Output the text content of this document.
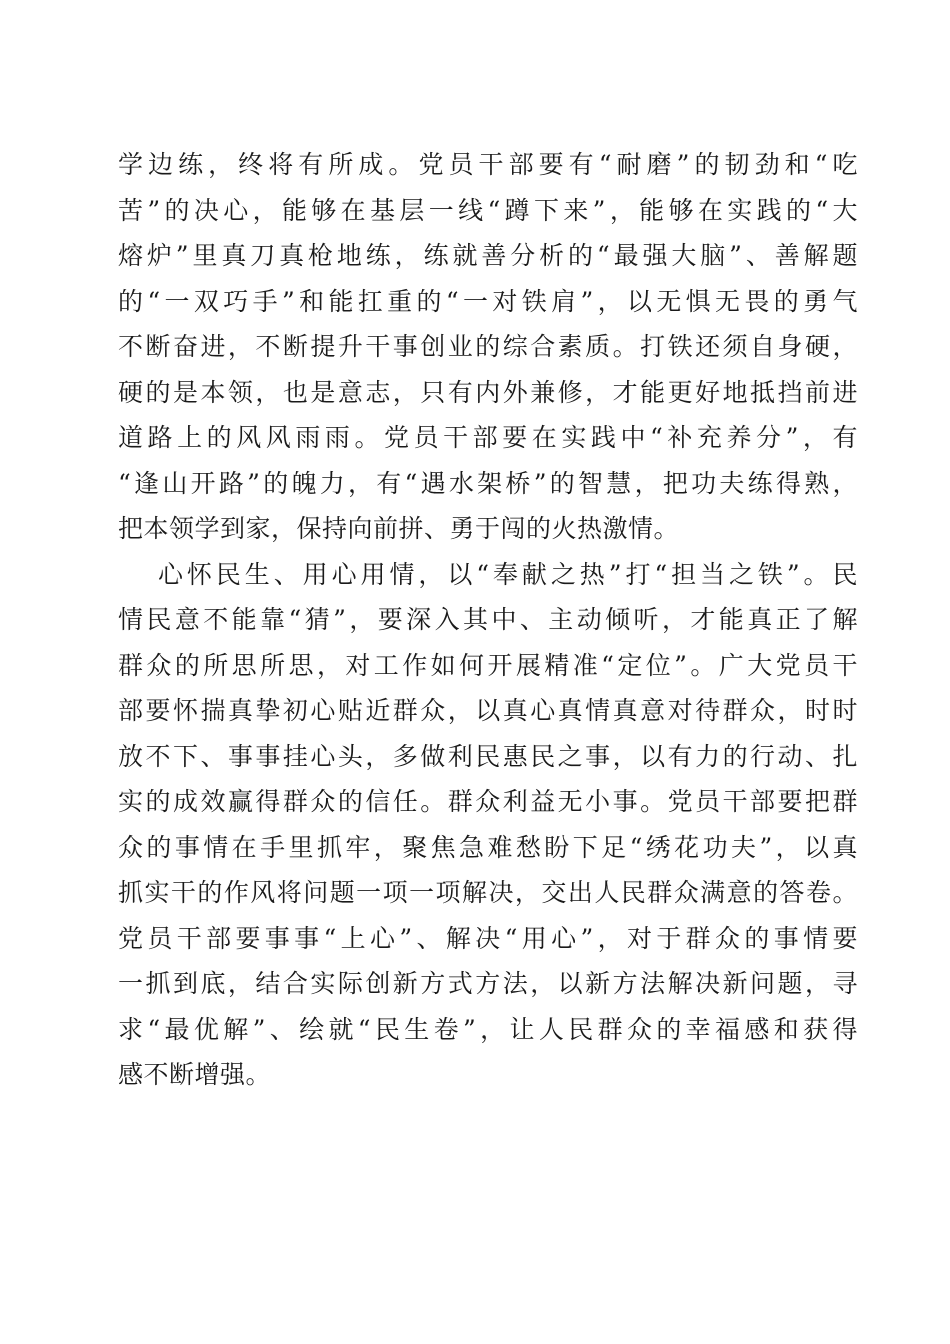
学边练，终将有所成。党员干部要有“耐磨”的韧劲和“吃
苦”的决心，能够在基层一线“蹲下来”，能够在实践的“大
熔炉”里真刀真枪地练，练就善分析的“最强大脑”、善解题
的“一双巧手”和能扛重的“一对铁肩”，以无惧无畏的勇气
不断奋进，不断提升干事创业的综合素质。打铁还须自身硬，
硬的是本领，也是意志，只有内外兼修，才能更好地抵挡前进
道路上的风风雨雨。党员干部要在实践中“补充养分”，有
“逢山开路”的魄力，有“遇水架桥”的智慧，把功夫练得熟，
把本领学到家，保持向前拼、勇于闯的火热激情。
心怀民生、用心用情，以“奉献之热”打“担当之铁”。民
情民意不能靠“猜”，要深入其中、主动倾听，才能真正了解
群众的所思所思，对工作如何开展精准“定位”。广大党员干
部要怀揣真挚初心贴近群众，以真心真情真意对待群众，时时
放不下、事事挂心头，多做利民惠民之事，以有力的行动、扎
实的成效赢得群众的信任。群众利益无小事。党员干部要把群
众的事情在手里抓牢，聚焦急难愁盼下足“绣花功夫”，以真
抓实干的作风将问题一项一项解决，交出人民群众满意的答卷。
党员干部要事事“上心”、解决“用心”，对于群众的事情要
一抓到底，结合实际创新方式方法，以新方法解决新问题，寻
求“最优解”、绘就“民生卷”，让人民群众的幸福感和获得
感不断增强。
